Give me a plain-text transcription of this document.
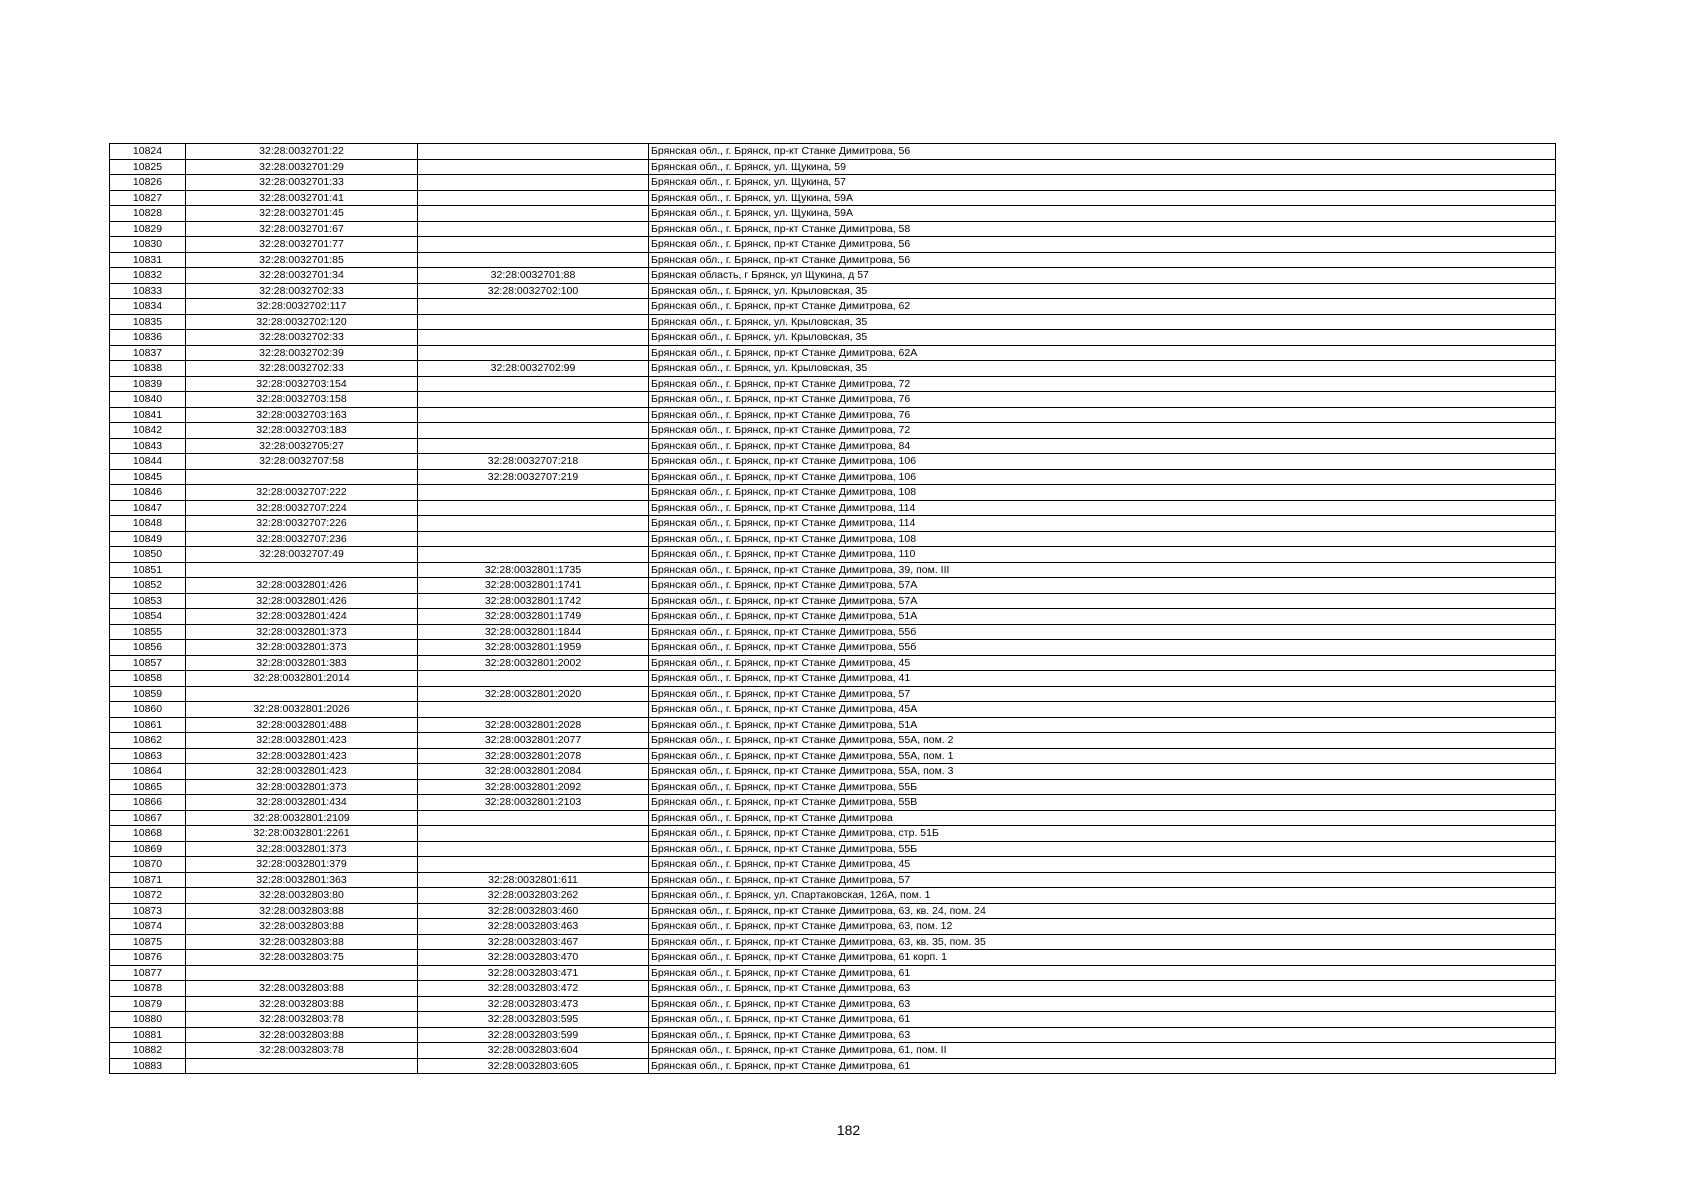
10824	32:28:0032701:22		Брянская обл., г. Брянск, пр-кт Станке Димитрова, 56
10825	32:28:0032701:29		Брянская обл., г. Брянск, ул. Щукина, 59
10826	32:28:0032701:33		Брянская обл., г. Брянск, ул. Щукина, 57
10827	32:28:0032701:41		Брянская обл., г. Брянск, ул. Щукина, 59А
10828	32:28:0032701:45		Брянская обл., г. Брянск, ул. Щукина, 59А
10829	32:28:0032701:67		Брянская обл., г. Брянск, пр-кт Станке Димитрова, 58
10830	32:28:0032701:77		Брянская обл., г. Брянск, пр-кт Станке Димитрова, 56
10831	32:28:0032701:85		Брянская обл., г. Брянск, пр-кт Станке Димитрова, 56
10832	32:28:0032701:34	32:28:0032701:88	Брянская область, г Брянск, ул Щукина, д 57
10833	32:28:0032702:33	32:28:0032702:100	Брянская обл., г. Брянск, ул. Крыловская, 35
10834	32:28:0032702:117		Брянская обл., г. Брянск, пр-кт Станке Димитрова, 62
10835	32:28:0032702:120		Брянская обл., г. Брянск, ул. Крыловская, 35
10836	32:28:0032702:33		Брянская обл., г. Брянск, ул. Крыловская, 35
10837	32:28:0032702:39		Брянская обл., г. Брянск, пр-кт Станке Димитрова, 62А
10838	32:28:0032702:33	32:28:0032702:99	Брянская обл., г. Брянск, ул. Крыловская, 35
10839	32:28:0032703:154		Брянская обл., г. Брянск, пр-кт Станке Димитрова, 72
10840	32:28:0032703:158		Брянская обл., г. Брянск, пр-кт Станке Димитрова, 76
10841	32:28:0032703:163		Брянская обл., г. Брянск, пр-кт Станке Димитрова, 76
10842	32:28:0032703:183		Брянская обл., г. Брянск, пр-кт Станке Димитрова, 72
10843	32:28:0032705:27		Брянская обл., г. Брянск, пр-кт Станке Димитрова, 84
10844	32:28:0032707:58	32:28:0032707:218	Брянская обл., г. Брянск, пр-кт Станке Димитрова, 106
10845		32:28:0032707:219	Брянская обл., г. Брянск, пр-кт Станке Димитрова, 106
10846	32:28:0032707:222		Брянская обл., г. Брянск, пр-кт Станке Димитрова, 108
10847	32:28:0032707:224		Брянская обл., г. Брянск, пр-кт Станке Димитрова, 114
10848	32:28:0032707:226		Брянская обл., г. Брянск, пр-кт Станке Димитрова, 114
10849	32:28:0032707:236		Брянская обл., г. Брянск, пр-кт Станке Димитрова, 108
10850	32:28:0032707:49		Брянская обл., г. Брянск, пр-кт Станке Димитрова, 110
10851		32:28:0032801:1735	Брянская обл., г. Брянск, пр-кт Станке Димитрова, 39, пом. III
10852	32:28:0032801:426	32:28:0032801:1741	Брянская обл., г. Брянск, пр-кт Станке Димитрова, 57А
10853	32:28:0032801:426	32:28:0032801:1742	Брянская обл., г. Брянск, пр-кт Станке Димитрова, 57А
10854	32:28:0032801:424	32:28:0032801:1749	Брянская обл., г. Брянск, пр-кт Станке Димитрова, 51А
10855	32:28:0032801:373	32:28:0032801:1844	Брянская обл., г. Брянск, пр-кт Станке Димитрова, 55б
10856	32:28:0032801:373	32:28:0032801:1959	Брянская обл., г. Брянск, пр-кт Станке Димитрова, 55б
10857	32:28:0032801:383	32:28:0032801:2002	Брянская обл., г. Брянск, пр-кт Станке Димитрова, 45
10858	32:28:0032801:2014		Брянская обл., г. Брянск, пр-кт Станке Димитрова, 41
10859		32:28:0032801:2020	Брянская обл., г. Брянск, пр-кт Станке Димитрова, 57
10860	32:28:0032801:2026		Брянская обл., г. Брянск, пр-кт Станке Димитрова, 45А
10861	32:28:0032801:488	32:28:0032801:2028	Брянская обл., г. Брянск, пр-кт Станке Димитрова, 51А
10862	32:28:0032801:423	32:28:0032801:2077	Брянская обл., г. Брянск, пр-кт Станке Димитрова, 55А, пом. 2
10863	32:28:0032801:423	32:28:0032801:2078	Брянская обл., г. Брянск, пр-кт Станке Димитрова, 55А, пом. 1
10864	32:28:0032801:423	32:28:0032801:2084	Брянская обл., г. Брянск, пр-кт Станке Димитрова, 55А, пом. 3
10865	32:28:0032801:373	32:28:0032801:2092	Брянская обл., г. Брянск, пр-кт Станке Димитрова, 55Б
10866	32:28:0032801:434	32:28:0032801:2103	Брянская обл., г. Брянск, пр-кт Станке Димитрова, 55В
10867	32:28:0032801:2109		Брянская обл., г. Брянск, пр-кт Станке Димитрова
10868	32:28:0032801:2261		Брянская обл., г. Брянск, пр-кт Станке Димитрова, стр. 51Б
10869	32:28:0032801:373		Брянская обл., г. Брянск, пр-кт Станке Димитрова, 55Б
10870	32:28:0032801:379		Брянская обл., г. Брянск, пр-кт Станке Димитрова, 45
10871	32:28:0032801:363	32:28:0032801:611	Брянская обл., г. Брянск, пр-кт Станке Димитрова, 57
10872	32:28:0032803:80	32:28:0032803:262	Брянская обл., г. Брянск, ул. Спартаковская, 126А, пом. 1
10873	32:28:0032803:88	32:28:0032803:460	Брянская обл., г. Брянск, пр-кт Станке Димитрова, 63, кв. 24, пом. 24
10874	32:28:0032803:88	32:28:0032803:463	Брянская обл., г. Брянск, пр-кт Станке Димитрова, 63, пом. 12
10875	32:28:0032803:88	32:28:0032803:467	Брянская обл., г. Брянск, пр-кт Станке Димитрова, 63, кв. 35, пом. 35
10876	32:28:0032803:75	32:28:0032803:470	Брянская обл., г. Брянск, пр-кт Станке Димитрова, 61 корп. 1
10877		32:28:0032803:471	Брянская обл., г. Брянск, пр-кт Станке Димитрова, 61
10878	32:28:0032803:88	32:28:0032803:472	Брянская обл., г. Брянск, пр-кт Станке Димитрова, 63
10879	32:28:0032803:88	32:28:0032803:473	Брянская обл., г. Брянск, пр-кт Станке Димитрова, 63
10880	32:28:0032803:78	32:28:0032803:595	Брянская обл., г. Брянск, пр-кт Станке Димитрова, 61
10881	32:28:0032803:88	32:28:0032803:599	Брянская обл., г. Брянск, пр-кт Станке Димитрова, 63
10882	32:28:0032803:78	32:28:0032803:604	Брянская обл., г. Брянск, пр-кт Станке Димитрова, 61, пом. II
10883		32:28:0032803:605	Брянская обл., г. Брянск, пр-кт Станке Димитрова, 61
182
